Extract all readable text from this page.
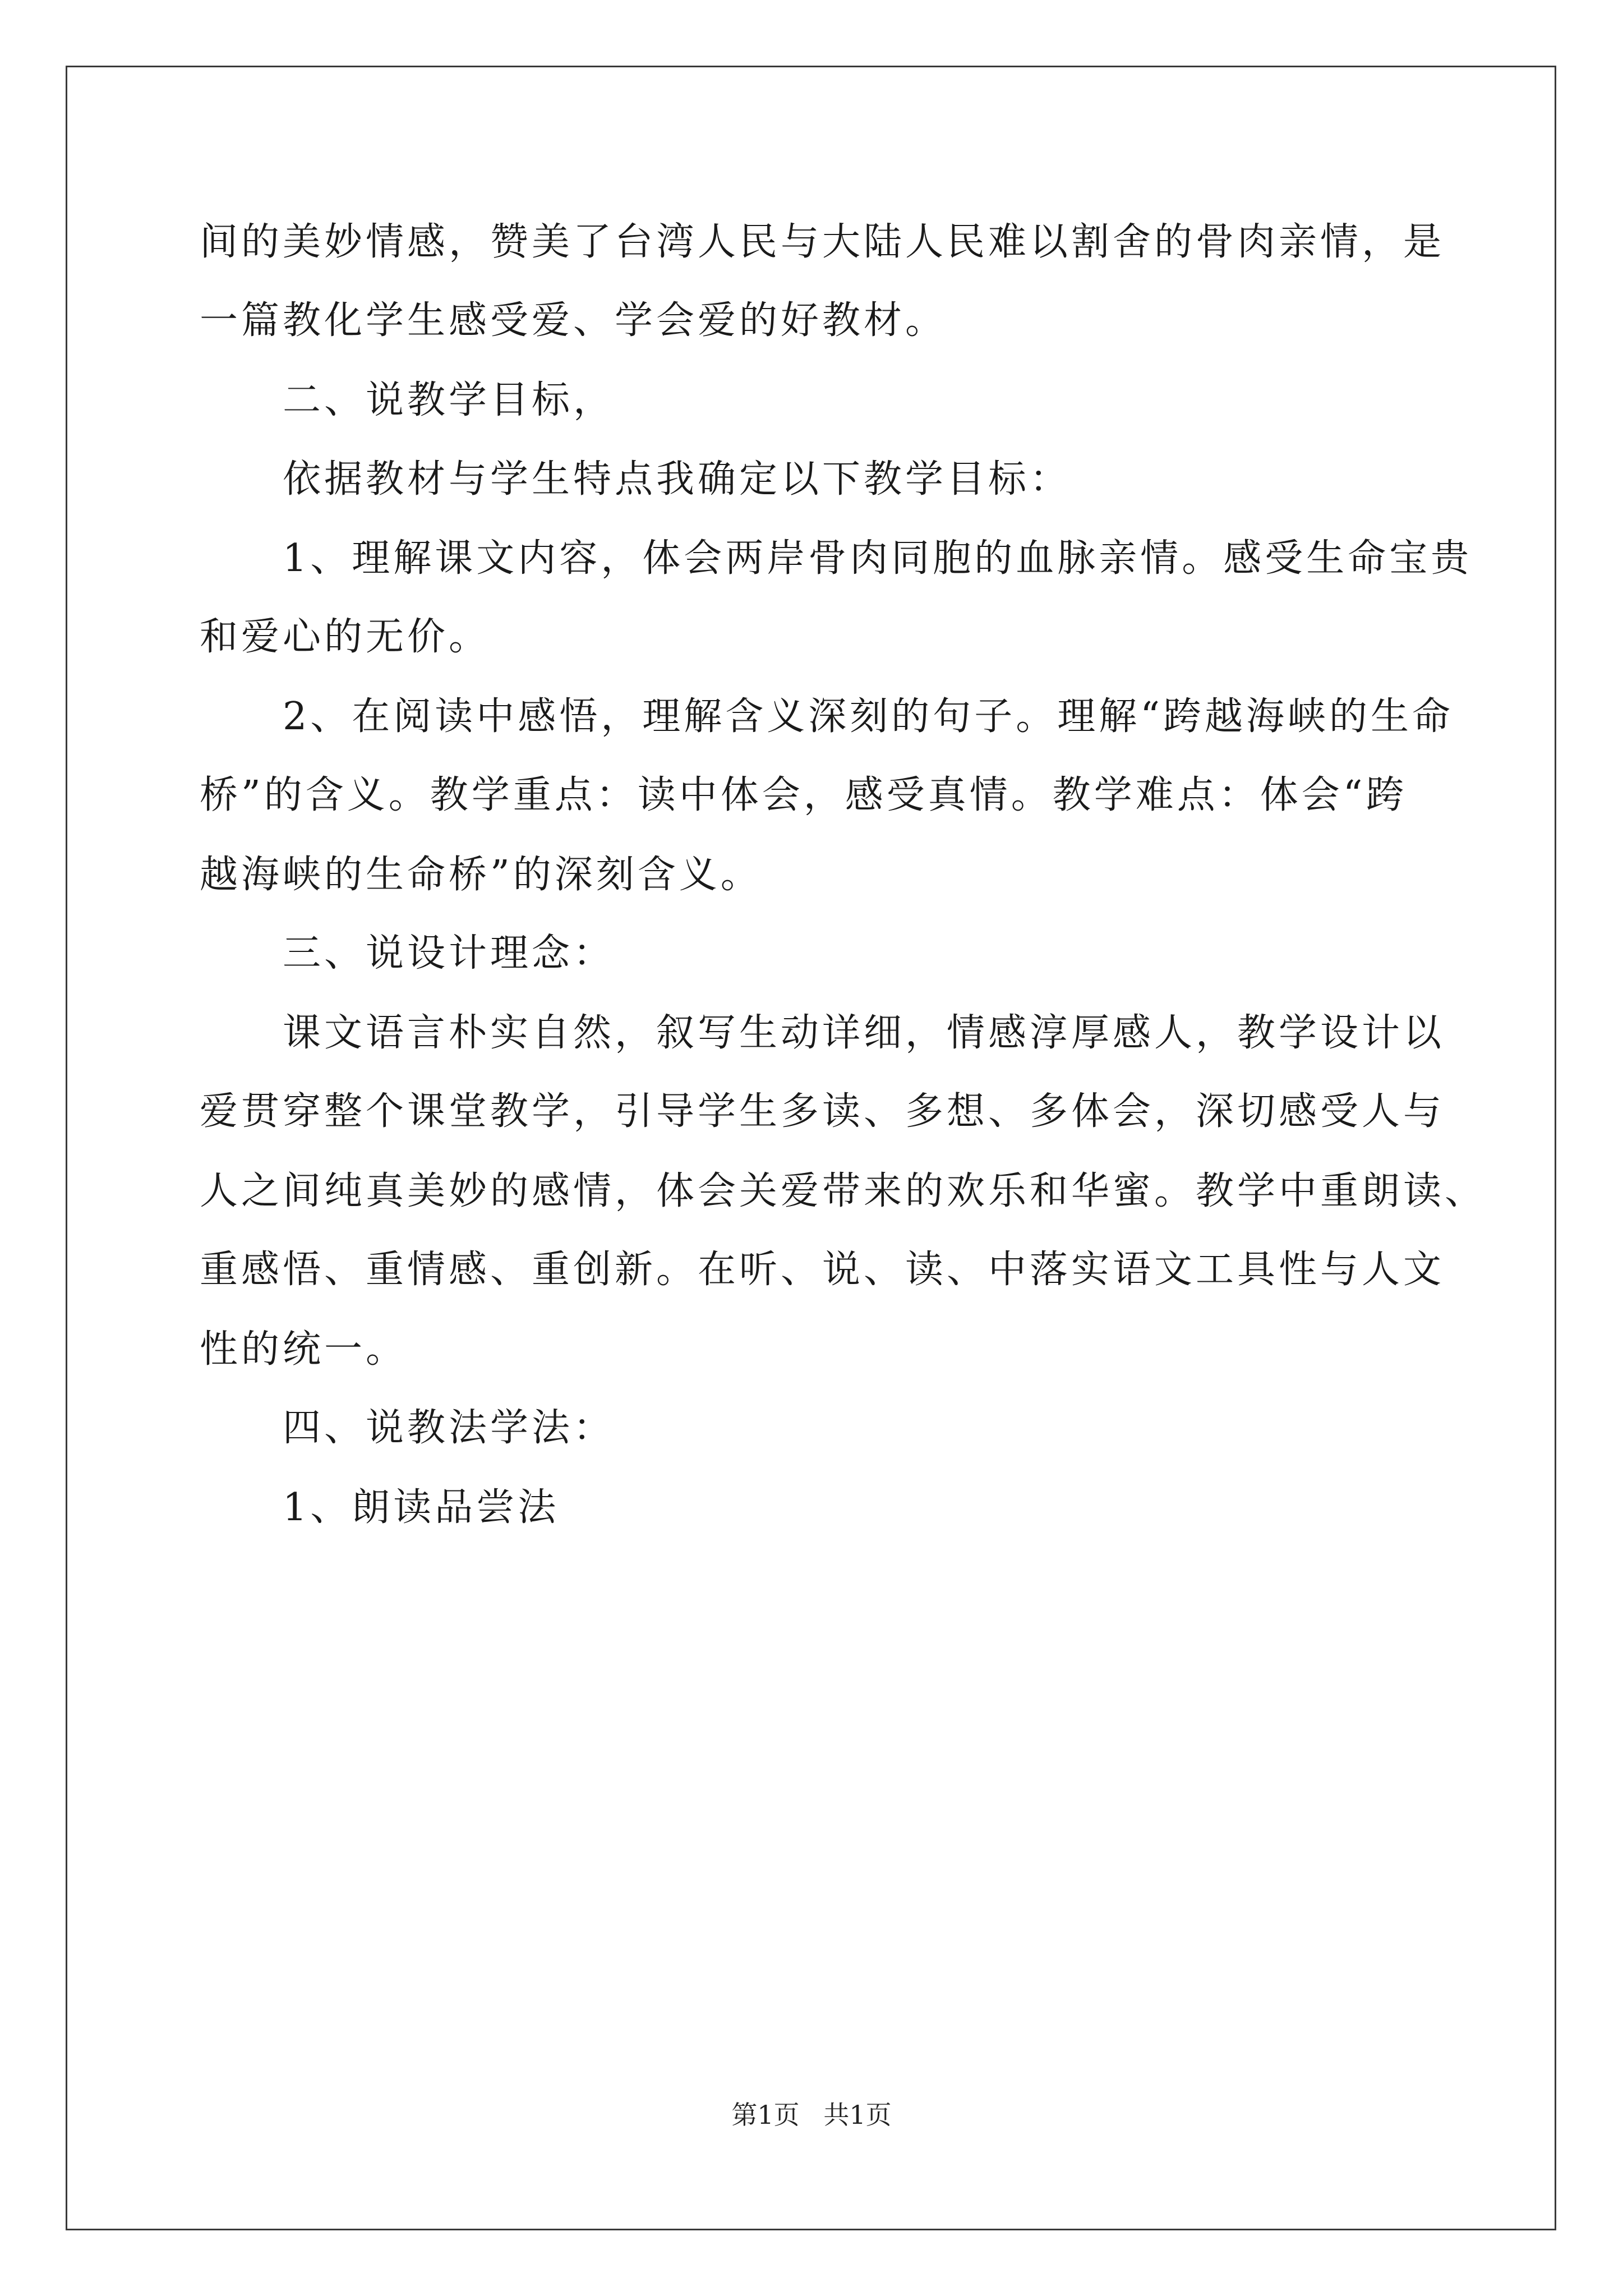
间的美妙情感，赞美了台湾人民与大陆人民难以割舍的骨肉亲情，是
一篇教化学生感受爱、学会爱的好教材。
二、说教学目标，
依据教材与学生特点我确定以下教学目标：
1、理解课文内容，体会两岸骨肉同胞的血脉亲情。感受生命宝贵
和爱心的无价。
2、在阅读中感悟，理解含义深刻的句子。理解“跨越海峡的生命
桥”的含义。教学重点：读中体会，感受真情。教学难点：体会“跨
越海峡的生命桥”的深刻含义。
三、说设计理念：
课文语言朴实自然，叙写生动详细，情感淳厚感人，教学设计以
爱贯穿整个课堂教学，引导学生多读、多想、多体会，深切感受人与
人之间纯真美妙的感情，体会关爱带来的欢乐和华蜜。教学中重朗读、
重感悟、重情感、重创新。在听、说、读、中落实语文工具性与人文
性的统一。
四、说教法学法：
1、朗读品尝法
第1页 共1页
